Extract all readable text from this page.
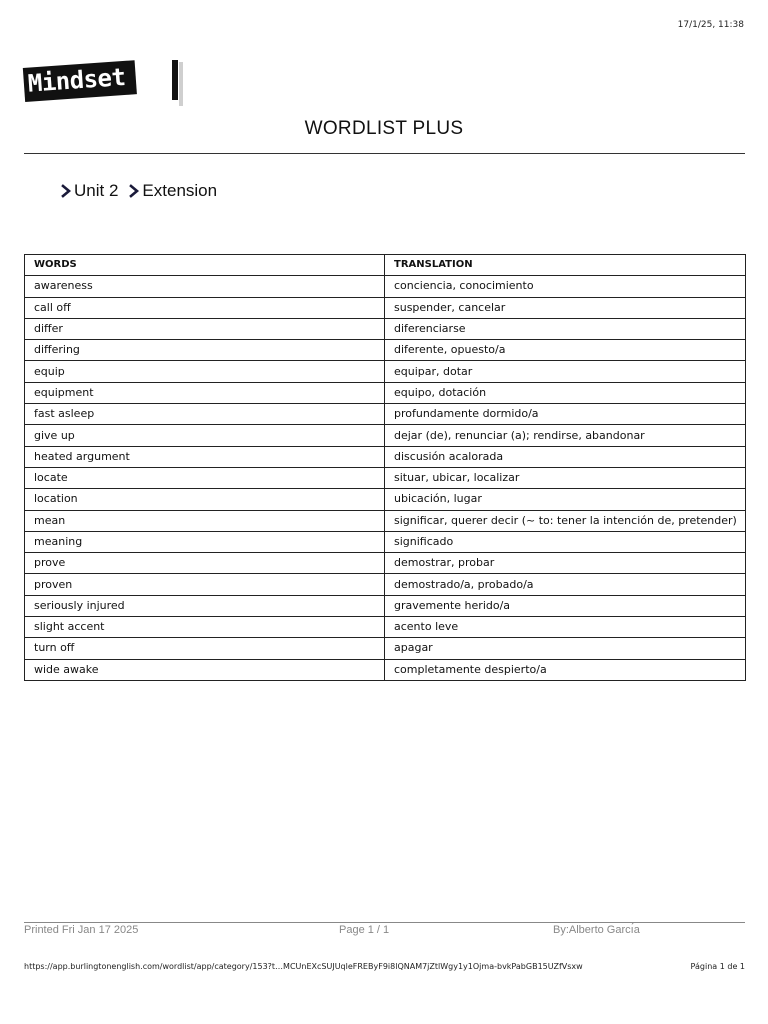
17/1/25, 11:38
Mindset
WORDLIST PLUS
Unit 2 Extension
WORDS	TRANSLATION
awareness	conciencia, conocimiento
call off	suspender, cancelar
differ	diferenciarse
differing	diferente, opuesto/a
equip	equipar, dotar
equipment	equipo, dotación
fast asleep	profundamente dormido/a
give up	dejar (de), renunciar (a); rendirse, abandonar
heated argument	discusión acalorada
locate	situar, ubicar, localizar
location	ubicación, lugar
mean	significar, querer decir (~ to: tener la intención de, pretender)
meaning	significado
prove	demostrar, probar
proven	demostrado/a, probado/a
seriously injured	gravemente herido/a
slight accent	acento leve
turn off	apagar
wide awake	completamente despierto/a
Printed Fri Jan 17 2025	Page 1 / 1	By:Alberto Garcı́a
https://app.burlingtonenglish.com/wordlist/app/category/153?t…MCUnEXcSUJUqleFREByF9i8lQNAM7jZtlWgy1y1Ojma-bvkPabGB15UZfVsxw	Página 1 de 1
